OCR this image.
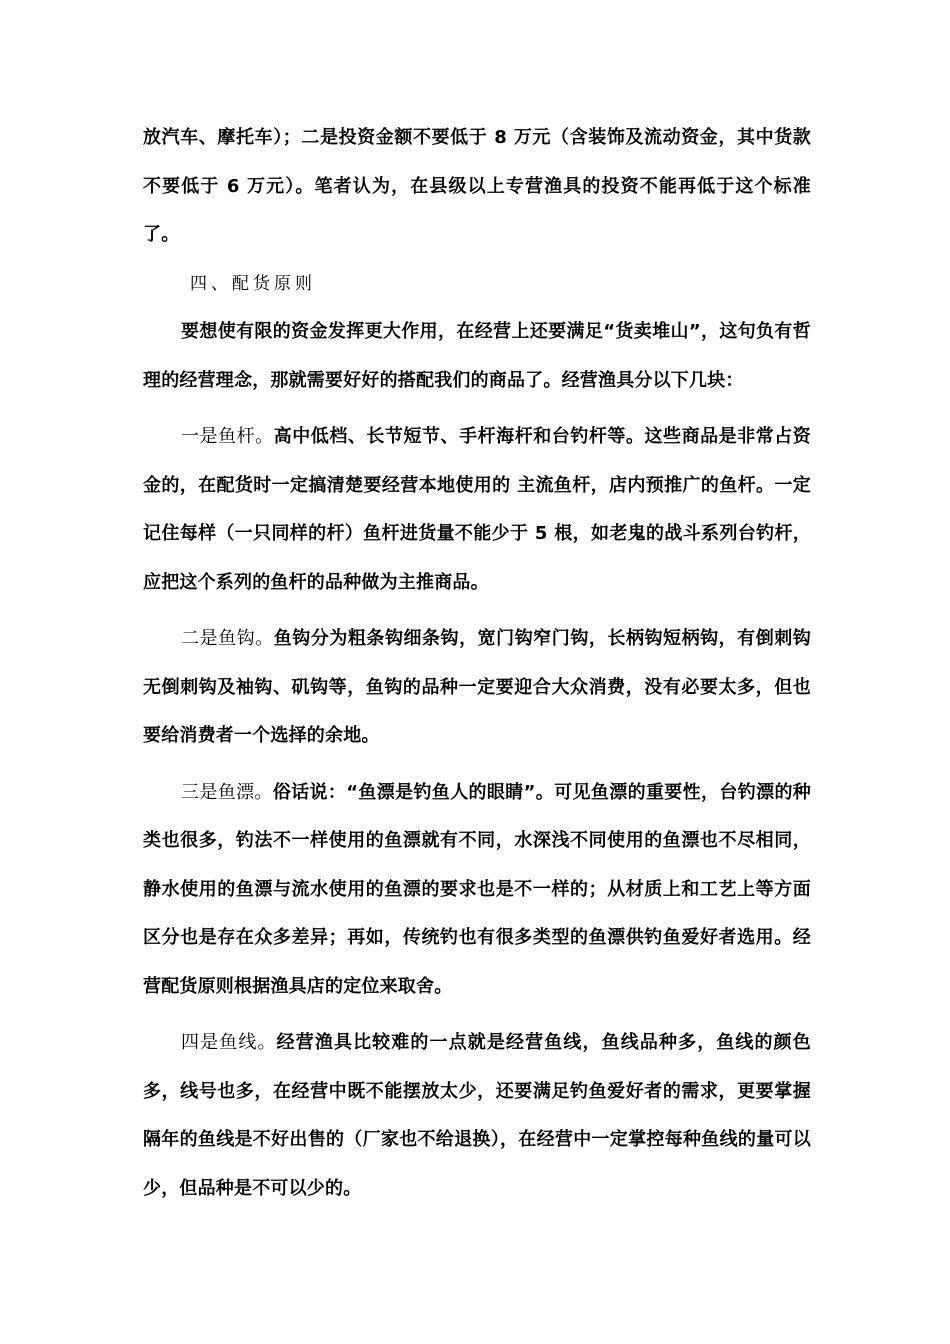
放汽车、摩托车）；二是投资金额不要低于 8 万元（含装饰及流动资金，其中货款不要低于 6 万元）。笔者认为，在县级以上专营渔具的投资不能再低于这个标准了。

四、配货原则

要想使有限的资金发挥更大作用，在经营上还要满足“货卖堆山”，这句负有哲理的经营理念，那就需要好好的搭配我们的商品了。经营渔具分以下几块：

一是鱼杆。高中低档、长节短节、手杆海杆和台钓杆等。这些商品是非常占资金的，在配货时一定搞清楚要经营本地使用的 主流鱼杆，店内预推广的鱼杆。一定记住每样（一只同样的杆）鱼杆进货量不能少于 5 根，如老鬼的战斗系列台钓杆，应把这个系列的鱼杆的品种做为主推商品。

二是鱼钩。鱼钩分为粗条钩细条钩，宽门钩窄门钩，长柄钩短柄钩，有倒刺钩无倒刺钩及袖钩、矶钩等，鱼钩的品种一定要迎合大众消费，没有必要太多，但也要给消费者一个选择的余地。

三是鱼漂。俗话说：“鱼漂是钓鱼人的眼睛”。可见鱼漂的重要性，台钓漂的种类也很多，钓法不一样使用的鱼漂就有不同，水深浅不同使用的鱼漂也不尽相同，静水使用的鱼漂与流水使用的鱼漂的要求也是不一样的；从材质上和工艺上等方面区分也是存在众多差异；再如，传统钓也有很多类型的鱼漂供钓鱼爱好者选用。经营配货原则根据渔具店的定位来取舍。

四是鱼线。经营渔具比较难的一点就是经营鱼线，鱼线品种多，鱼线的颜色多，线号也多，在经营中既不能摆放太少，还要满足钓鱼爱好者的需求，更要掌握隔年的鱼线是不好出售的（厂家也不给退换），在经营中一定掌控每种鱼线的量可以少，但品种是不可以少的。
